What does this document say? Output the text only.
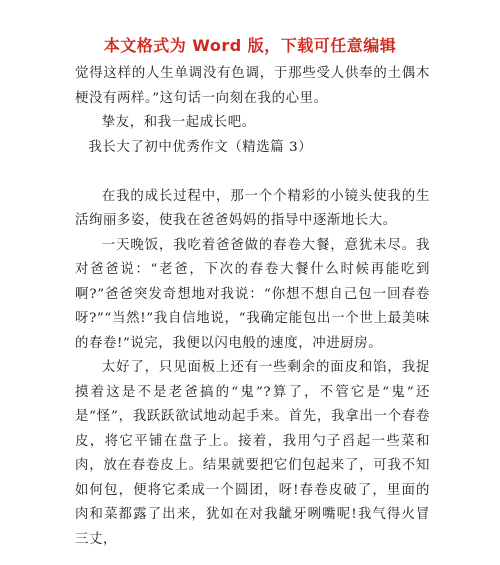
本文格式为 Word 版，下载可任意编辑

觉得这样的人生单调没有色调，于那些受人供奉的土偶木梗没有两样。”这句话一向刻在我的心里。

挚友，和我一起成长吧。

我长大了初中优秀作文（精选篇 3）

在我的成长过程中，那一个个精彩的小镜头使我的生活绚丽多姿，使我在爸爸妈妈的指导中逐渐地长大。

一天晚饭，我吃着爸爸做的春卷大餐，意犹未尽。我对爸爸说：“老爸，下次的春卷大餐什么时候再能吃到啊?”爸爸突发奇想地对我说：“你想不想自己包一回春卷呀?”“当然!”我自信地说，“我确定能包出一个世上最美味的春卷!”说完，我便以闪电般的速度，冲进厨房。

太好了，只见面板上还有一些剩余的面皮和馅，我捉摸着这是不是老爸搞的“鬼”?算了，不管它是“鬼”还是“怪”，我跃跃欲试地动起手来。首先，我拿出一个春卷皮，将它平铺在盘子上。接着，我用勺子舀起一些菜和肉，放在春卷皮上。结果就要把它们包起来了，可我不知如何包，便将它柔成一个圆团，呀!春卷皮破了，里面的肉和菜都露了出来，犹如在对我龇牙咧嘴呢!我气得火冒三丈，
